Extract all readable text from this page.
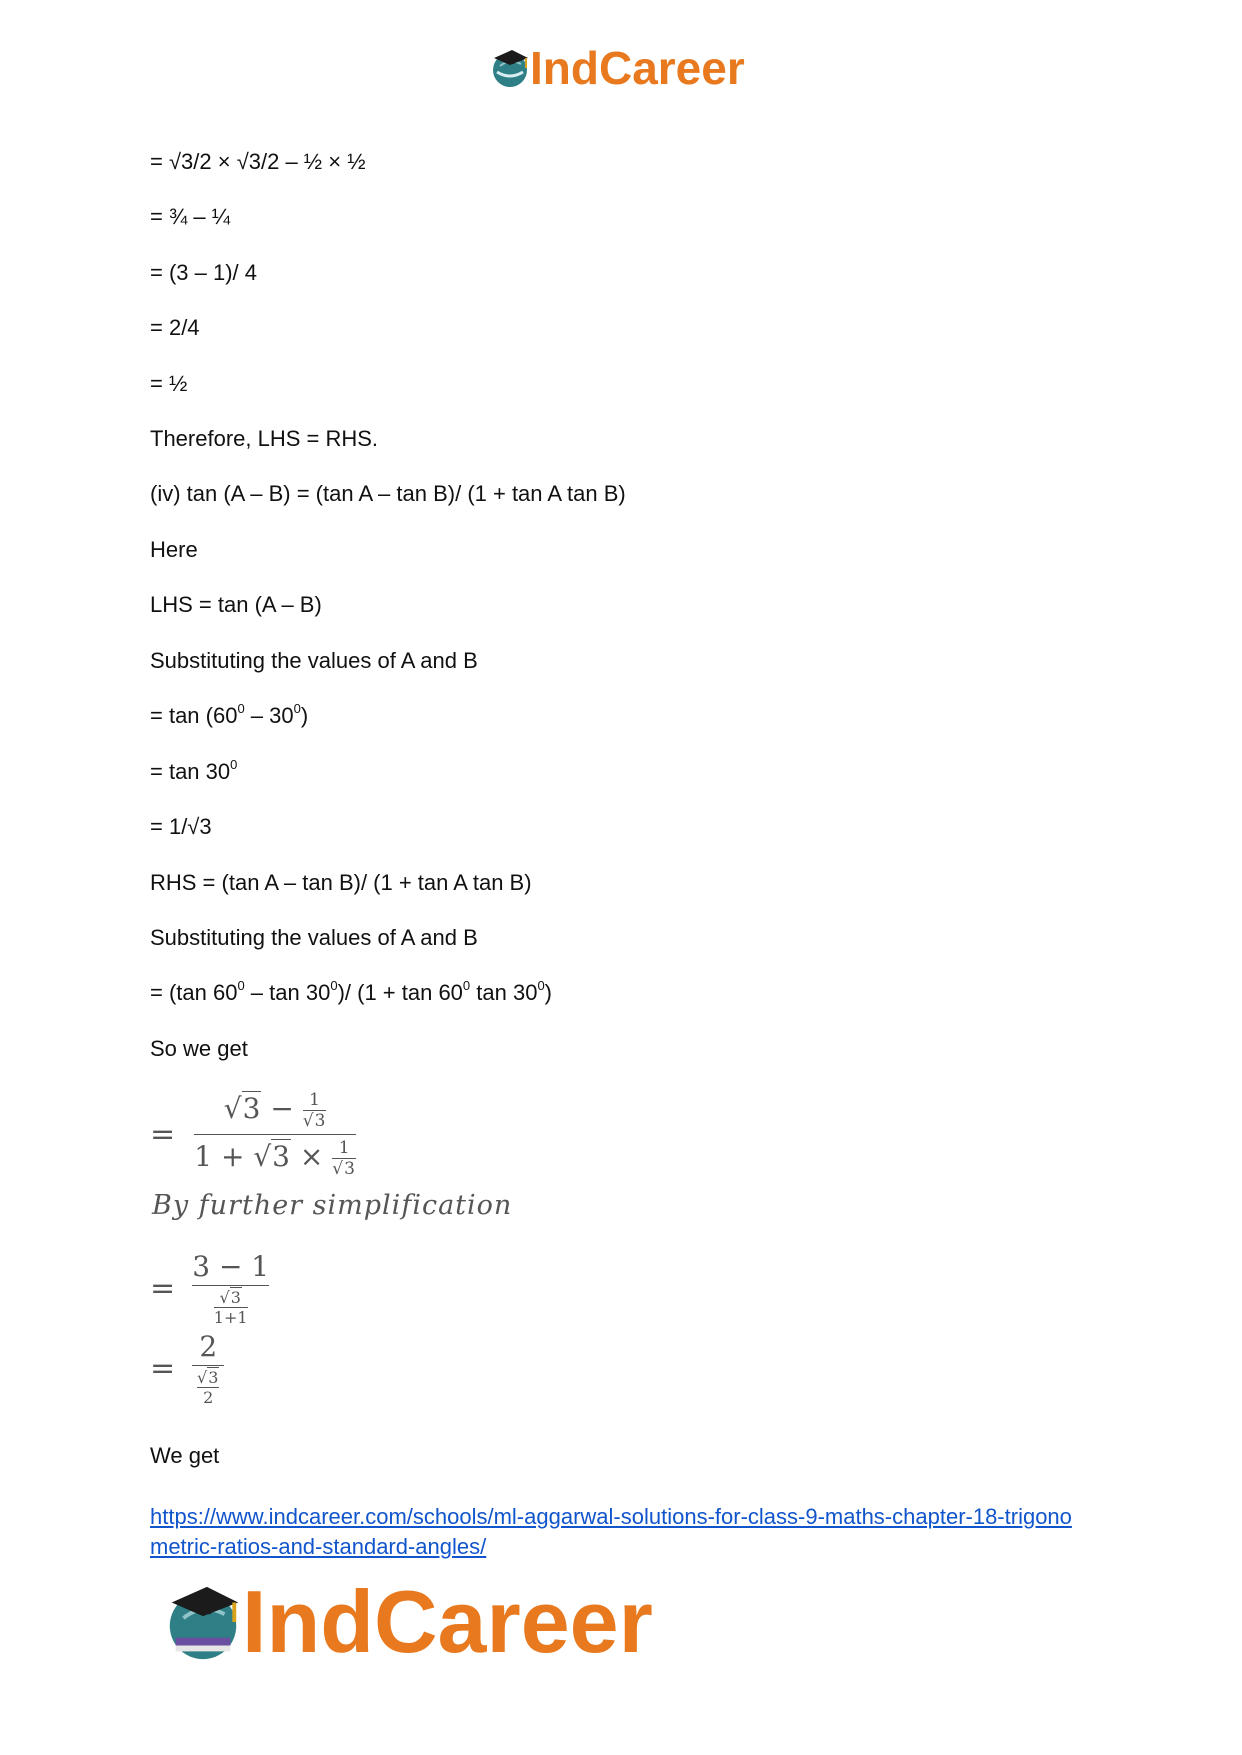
IndCareer
= √3/2 × √3/2 – ½ × ½
= ¾ – ¼
= (3 – 1)/ 4
= 2/4
= ½
Therefore, LHS = RHS.
(iv) tan (A – B) = (tan A – tan B)/ (1 + tan A tan B)
Here
LHS = tan (A – B)
Substituting the values of A and B
= $\tan (60^0 - 30^0)$
= $\tan 30^0$
= 1/√3
RHS = (tan A – tan B)/ (1 + tan A tan B)
Substituting the values of A and B
= (tan $60^0$ – $\tan 30^0)/$ ($1 + \tan 60^0$ $\tan 30^0$)
So we get
= $\frac{√3 - \frac{1}{√3}}{1 + √3 \times \frac{1}{√3}}$
By further simplification
= $\frac{3 - 1}{\frac{√3}{1+1}}$
= $\frac{2}{\frac{√3}{2}}$
We get
https://www.indcareer.com/schools/ml-aggarwal-solutions-for-class-9-maths-chapter-18-trigonometric-ratios-and-standard-angles/
IndCareer
